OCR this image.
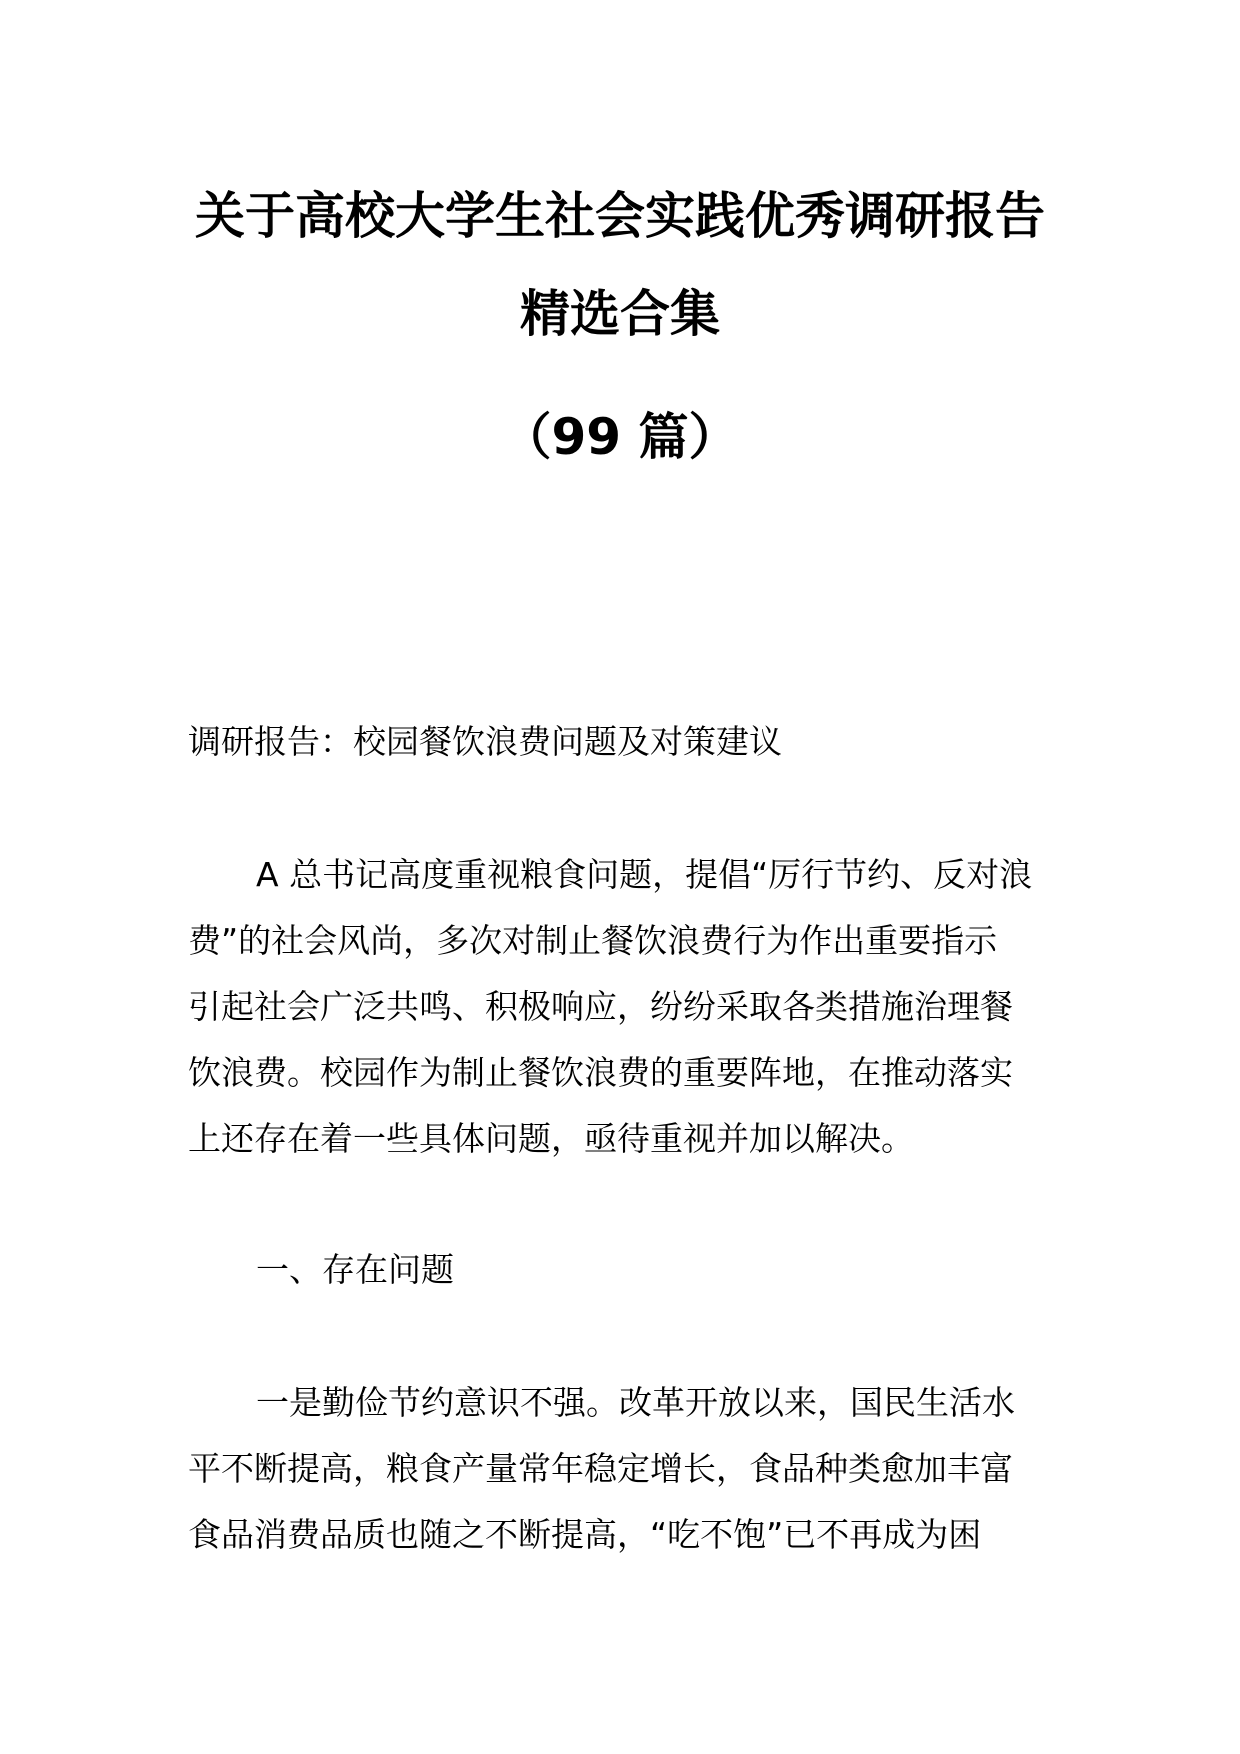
关于高校大学生社会实践优秀调研报告
精选合集
（99 篇）
调研报告：校园餐饮浪费问题及对策建议
A 总书记高度重视粮食问题，提倡“厉行节约、反对浪
费”的社会风尚，多次对制止餐饮浪费行为作出重要指示
引起社会广泛共鸣、积极响应，纷纷采取各类措施治理餐
饮浪费。校园作为制止餐饮浪费的重要阵地，在推动落实
上还存在着一些具体问题，亟待重视并加以解决。
一、存在问题
一是勤俭节约意识不强。改革开放以来，国民生活水
平不断提高，粮食产量常年稳定增长，食品种类愈加丰富
食品消费品质也随之不断提高，“吃不饱”已不再成为困
